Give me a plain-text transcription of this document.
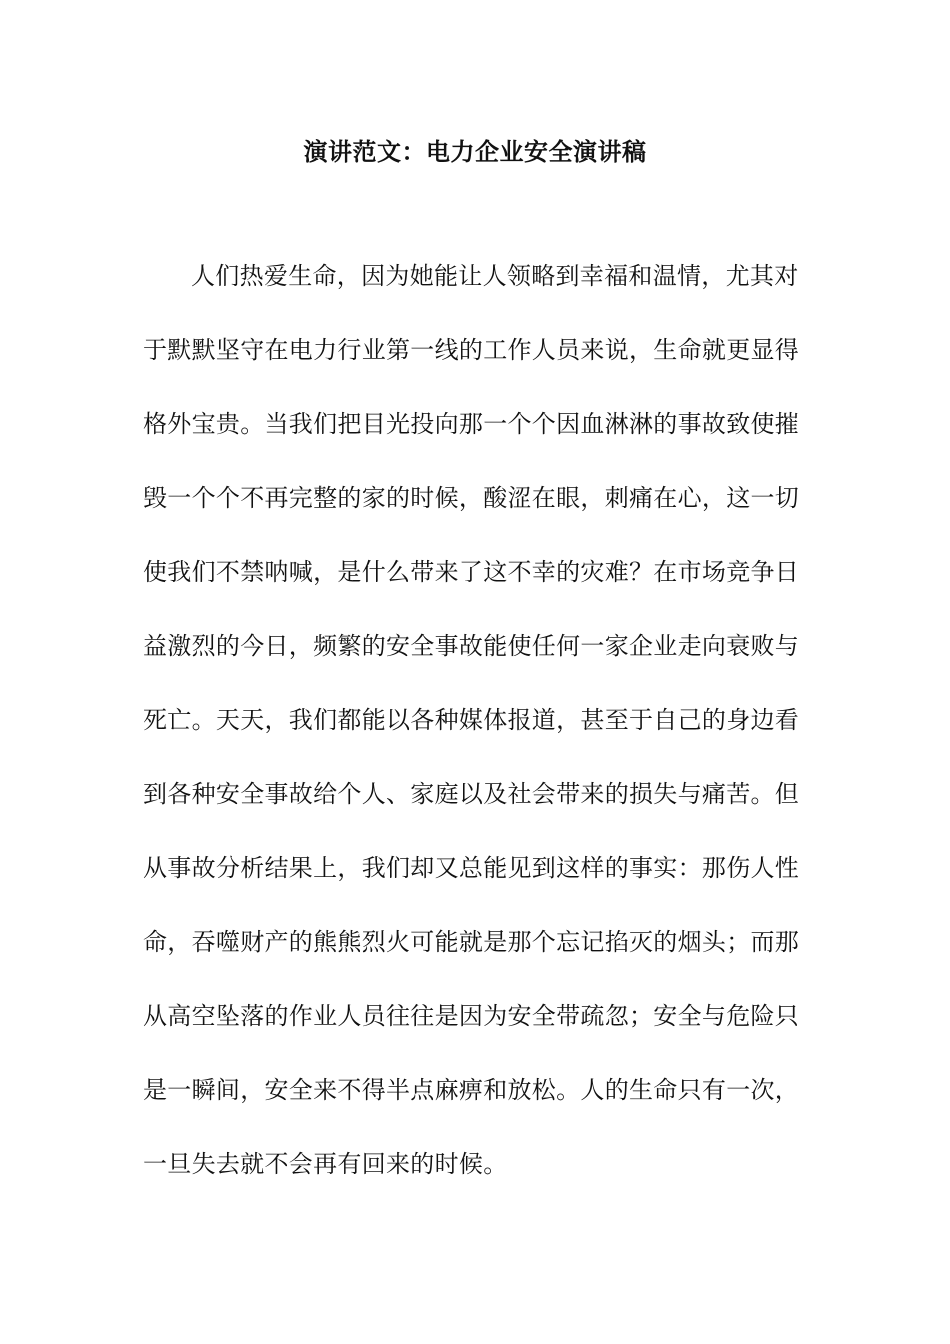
演讲范文：电力企业安全演讲稿
人们热爱生命，因为她能让人领略到幸福和温情，尤其对
于默默坚守在电力行业第一线的工作人员来说，生命就更显得
格外宝贵。当我们把目光投向那一个个因血淋淋的事故致使摧
毁一个个不再完整的家的时候，酸涩在眼，刺痛在心，这一切
使我们不禁呐喊，是什么带来了这不幸的灾难？在市场竞争日
益激烈的今日，频繁的安全事故能使任何一家企业走向衰败与
死亡。天天，我们都能以各种媒体报道，甚至于自己的身边看
到各种安全事故给个人、家庭以及社会带来的损失与痛苦。但
从事故分析结果上，我们却又总能见到这样的事实：那伤人性
命，吞噬财产的熊熊烈火可能就是那个忘记掐灭的烟头；而那
从高空坠落的作业人员往往是因为安全带疏忽；安全与危险只
是一瞬间，安全来不得半点麻痹和放松。人的生命只有一次，
一旦失去就不会再有回来的时候。
